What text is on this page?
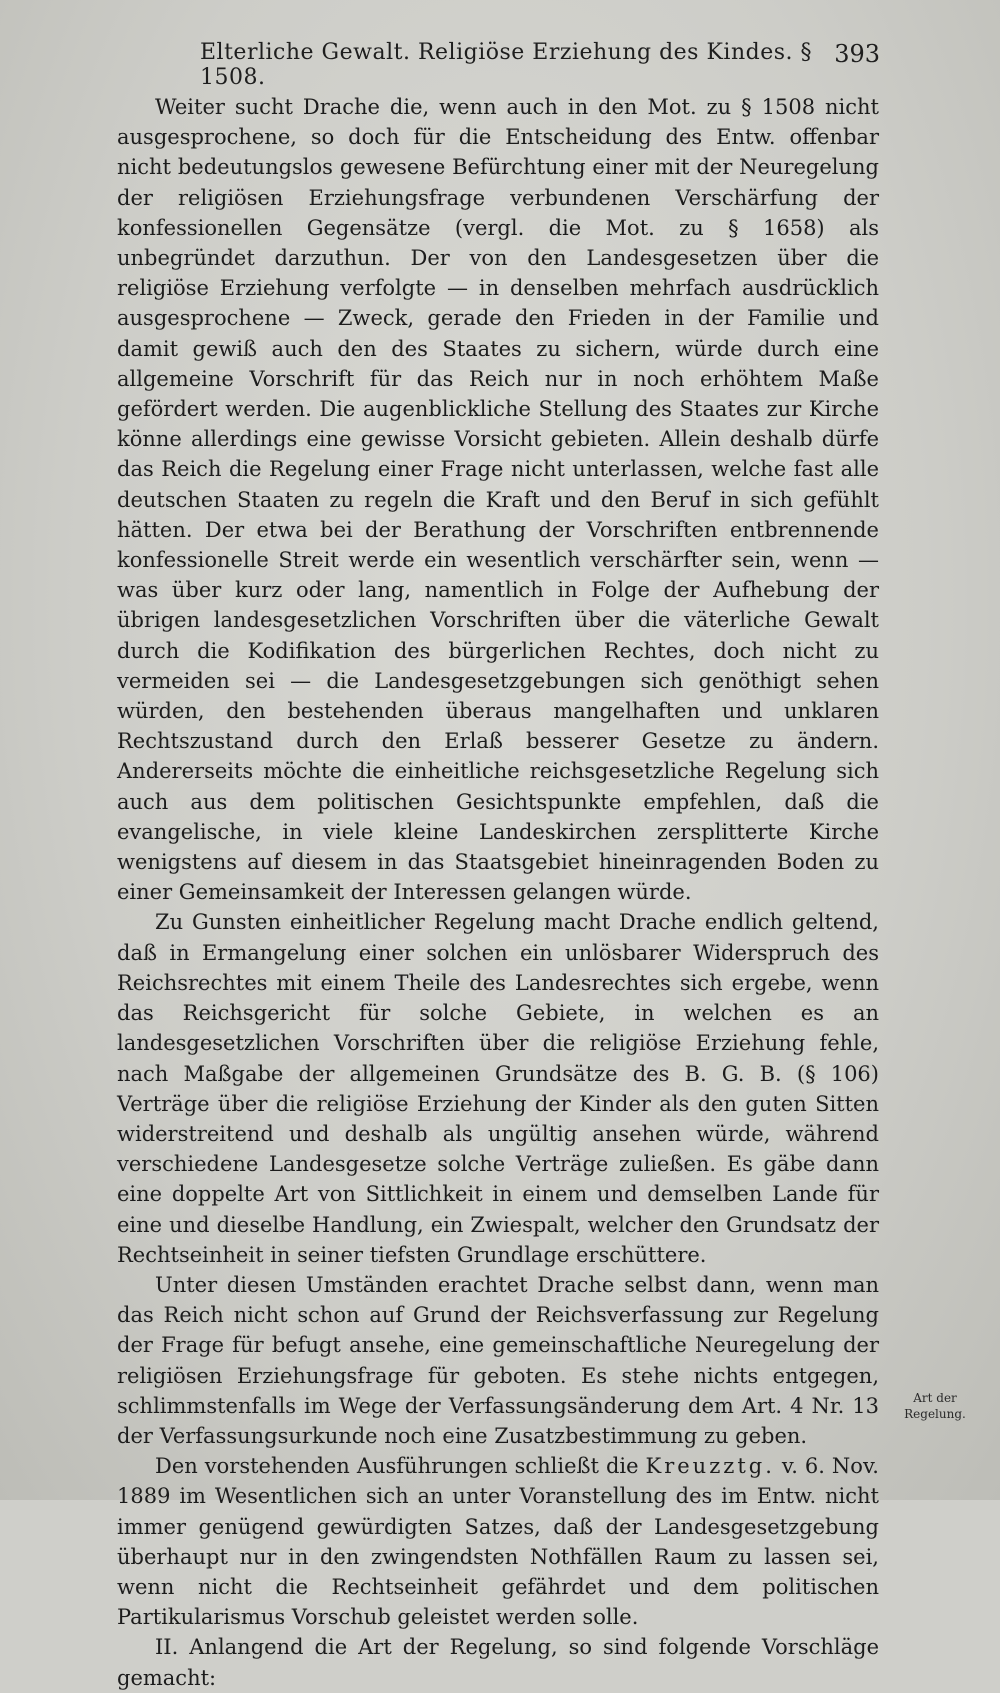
Elterliche Gewalt. Religiöse Erziehung des Kindes. § 1508.
393

Weiter sucht Drache die, wenn auch in den Mot. zu § 1508 nicht ausgesprochene, so doch für die Entscheidung des Entw. offenbar nicht bedeutungslos gewesene Befürchtung einer mit der Neuregelung der religiösen Erziehungsfrage verbundenen Verschärfung der konfessionellen Gegensätze (vergl. die Mot. zu § 1658) als unbegründet darzuthun. Der von den Landesgesetzen über die religiöse Erziehung verfolgte — in denselben mehrfach ausdrücklich ausgesprochene — Zweck, gerade den Frieden in der Familie und damit gewiß auch den des Staates zu sichern, würde durch eine allgemeine Vorschrift für das Reich nur in noch erhöhtem Maße gefördert werden. Die augenblickliche Stellung des Staates zur Kirche könne allerdings eine gewisse Vorsicht gebieten. Allein deshalb dürfe das Reich die Regelung einer Frage nicht unterlassen, welche fast alle deutschen Staaten zu regeln die Kraft und den Beruf in sich gefühlt hätten. Der etwa bei der Berathung der Vorschriften entbrennende konfessionelle Streit werde ein wesentlich verschärfter sein, wenn — was über kurz oder lang, namentlich in Folge der Aufhebung der übrigen landesgesetzlichen Vorschriften über die väterliche Gewalt durch die Kodifikation des bürgerlichen Rechtes, doch nicht zu vermeiden sei — die Landesgesetzgebungen sich genöthigt sehen würden, den bestehenden überaus mangelhaften und unklaren Rechtszustand durch den Erlaß besserer Gesetze zu ändern. Andererseits möchte die einheitliche reichsgesetzliche Regelung sich auch aus dem politischen Gesichtspunkte empfehlen, daß die evangelische, in viele kleine Landeskirchen zersplitterte Kirche wenigstens auf diesem in das Staatsgebiet hineinragenden Boden zu einer Gemeinsamkeit der Interessen gelangen würde.

Zu Gunsten einheitlicher Regelung macht Drache endlich geltend, daß in Ermangelung einer solchen ein unlösbarer Widerspruch des Reichsrechtes mit einem Theile des Landesrechtes sich ergebe, wenn das Reichsgericht für solche Gebiete, in welchen es an landesgesetzlichen Vorschriften über die religiöse Erziehung fehle, nach Maßgabe der allgemeinen Grundsätze des B. G. B. (§ 106) Verträge über die religiöse Erziehung der Kinder als den guten Sitten widerstreitend und deshalb als ungültig ansehen würde, während verschiedene Landesgesetze solche Verträge zuließen. Es gäbe dann eine doppelte Art von Sittlichkeit in einem und demselben Lande für eine und dieselbe Handlung, ein Zwiespalt, welcher den Grundsatz der Rechtseinheit in seiner tiefsten Grundlage erschüttere.

Unter diesen Umständen erachtet Drache selbst dann, wenn man das Reich nicht schon auf Grund der Reichsverfassung zur Regelung der Frage für befugt ansehe, eine gemeinschaftliche Neuregelung der religiösen Erziehungsfrage für geboten. Es stehe nichts entgegen, schlimmstenfalls im Wege der Verfassungsänderung dem Art. 4 Nr. 13 der Verfassungsurkunde noch eine Zusatzbestimmung zu geben.

Den vorstehenden Ausführungen schließt die Kreuzztg. v. 6. Nov. 1889 im Wesentlichen sich an unter Voranstellung des im Entw. nicht immer genügend gewürdigten Satzes, daß der Landesgesetzgebung überhaupt nur in den zwingendsten Nothfällen Raum zu lassen sei, wenn nicht die Rechtseinheit gefährdet und dem politischen Partikularismus Vorschub geleistet werden solle.

II. Anlangend die Art der Regelung, so sind folgende Vorschläge gemacht:

Art der
Regelung.
